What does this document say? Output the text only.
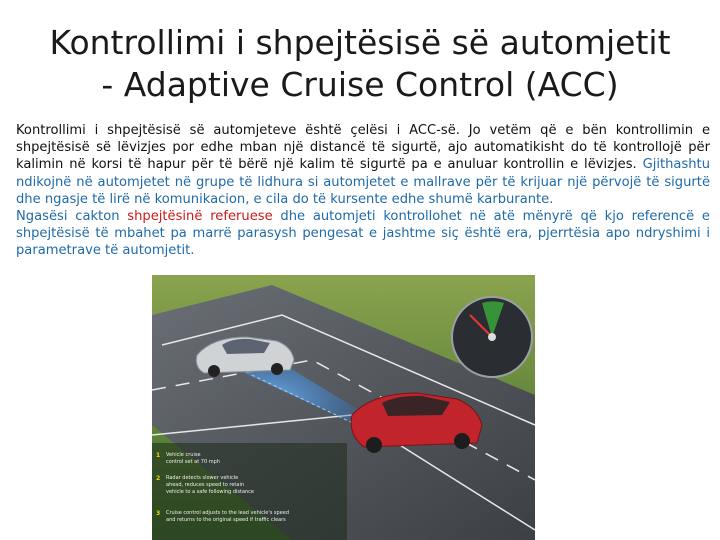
Kontrollimi i shpejtësisë së automjetit
- Adaptive Cruise Control (ACC)

Kontrollimi i shpejtësisë së automjeteve është çelësi i ACC-së. Jo vetëm që e bën kontrollimin e shpejtësisë së lëvizjes por edhe mban një distancë të sigurtë, ajo automatikisht do të kontrollojë për kalimin në korsi të hapur për të bërë një kalim të sigurtë pa e anuluar kontrollin e lëvizjes. Gjithashtu ndikojnë në automjetet në grupe të lidhura si automjetet e mallrave për të krijuar një përvojë të sigurtë dhe ngasje të lirë në komunikacion, e cila do të kursente edhe shumë karburante.

Ngasësi cakton shpejtësinë referuese dhe automjeti kontrollohet në atë mënyrë që kjo referencë e shpejtësisë të mbahet pa marrë parasysh pengesat e jashtme siç është era, pjerrtësia apo ndryshimi i parametrave të automjetit.

1 Vehicle cruise
control set at 70 mph
2 Radar detects slower vehicle
ahead, reduces speed to retain
vehicle to a safe following distance
3 Cruise control adjusts to the lead vehicle's speed
and returns to the original speed if traffic clears
